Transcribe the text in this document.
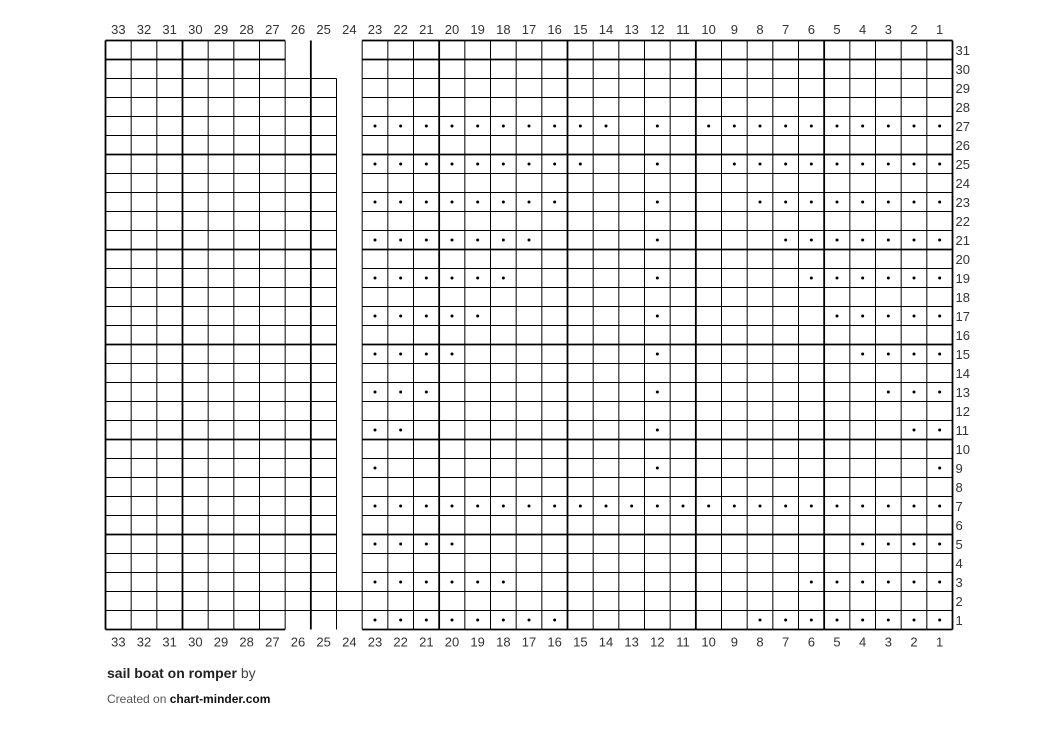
33
33
32
32
31
31
30
30
29
29
28
28
27
27
26
26
25
25
24
24
23
23
22
22
21
21
20
20
19
19
18
18
17
17
16
16
15
15
14
14
13
13
12
12
11
11
10
10
9
9
8
8
7
7
6
6
5
5
4
4
3
3
2
2
1
1
1
2
3
4
5
6
7
8
9
10
11
12
13
14
15
16
17
18
19
20
21
22
23
24
25
26
27
28
29
30
31
sail boat on romper by
Created on chart-minder.com
